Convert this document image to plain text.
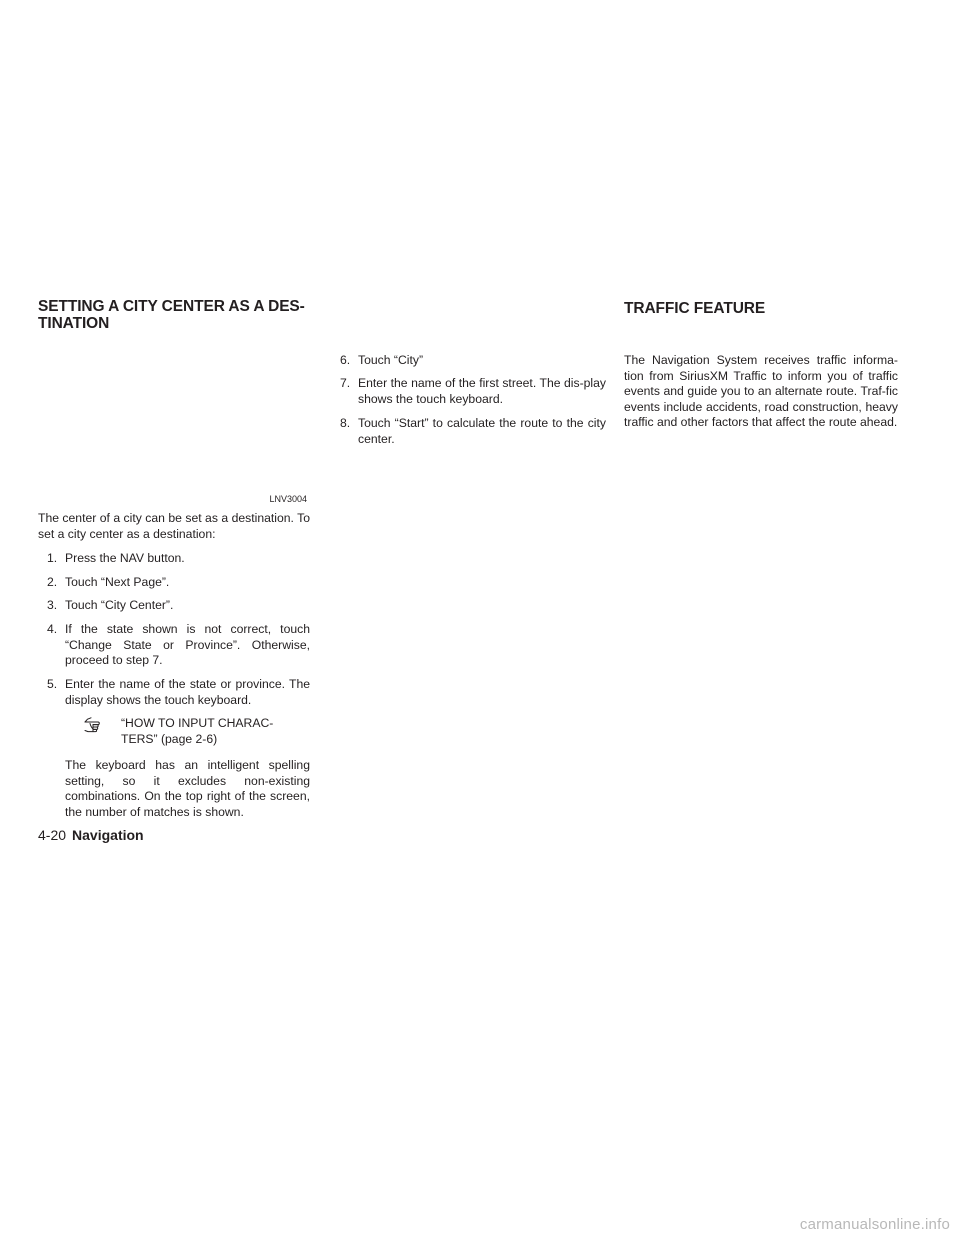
SETTING A CITY CENTER AS A DES-
TINATION
LNV3004
The center of a city can be set as a destination. To set a city center as a destination:
1. Press the NAV button.
2. Touch “Next Page”.
3. Touch “City Center”.
4. If the state shown is not correct, touch “Change State or Province”. Otherwise, proceed to step 7.
5. Enter the name of the state or province. The display shows the touch keyboard.
“HOW TO INPUT CHARAC-
TERS” (page 2-6)
The keyboard has an intelligent spelling setting, so it excludes non-existing combinations. On the top right of the screen, the number of matches is shown.
6. Touch “City”
7. Enter the name of the first street. The dis-play shows the touch keyboard.
8. Touch “Start” to calculate the route to the city center.
TRAFFIC FEATURE
The Navigation System receives traffic informa-tion from SiriusXM Traffic to inform you of traffic events and guide you to an alternate route. Traf-fic events include accidents, road construction, heavy traffic and other factors that affect the route ahead.
4-20 Navigation
carmanualsonline.info
